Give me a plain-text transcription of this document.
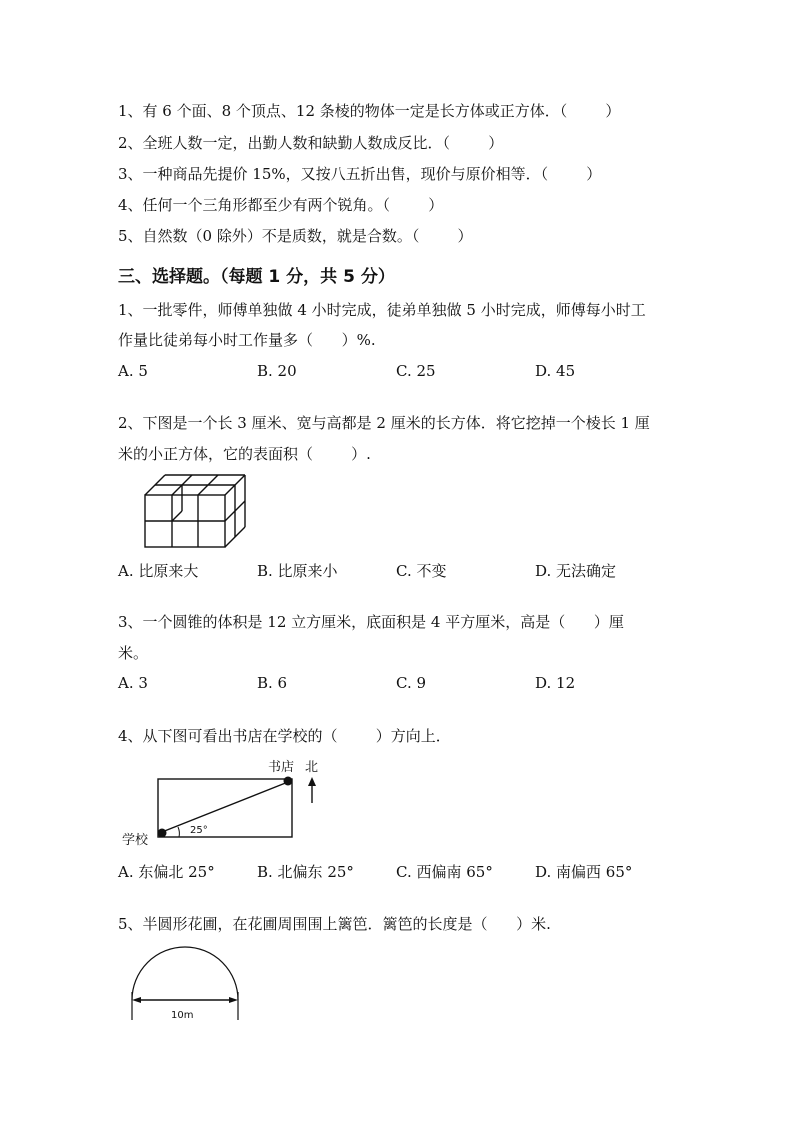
1、有 6 个面、8 个顶点、12 条棱的物体一定是长方体或正方体．（        ）
2、全班人数一定，出勤人数和缺勤人数成反比．（        ）
3、一种商品先提价 15%，又按八五折出售，现价与原价相等．（        ）
4、任何一个三角形都至少有两个锐角。（        ）
5、自然数（0 除外）不是质数，就是合数。（        ）
三、选择题。（每题 1 分，共 5 分）
1、一批零件，师傅单独做 4 小时完成，徒弟单独做 5 小时完成，师傅每小时工
作量比徒弟每小时工作量多（      ）%.
A. 5	B. 20	C. 25	D. 45
2、下图是一个长 3 厘米、宽与高都是 2 厘米的长方体．将它挖掉一个棱长 1 厘
米的小正方体，它的表面积（        ）.
A. 比原来大	B. 比原来小	C. 不变	D. 无法确定
3、一个圆锥的体积是 12 立方厘米，底面积是 4 平方厘米，高是（      ）厘
米。
A. 3	B. 6	C. 9	D. 12
4、从下图可看出书店在学校的（        ）方向上．
书店 北
学校
25°
A. 东偏北 25°	B. 北偏东 25°	C. 西偏南 65°	D. 南偏西 65°
5、半圆形花圃，在花圃周围围上篱笆．篱笆的长度是（      ）米.
10m
